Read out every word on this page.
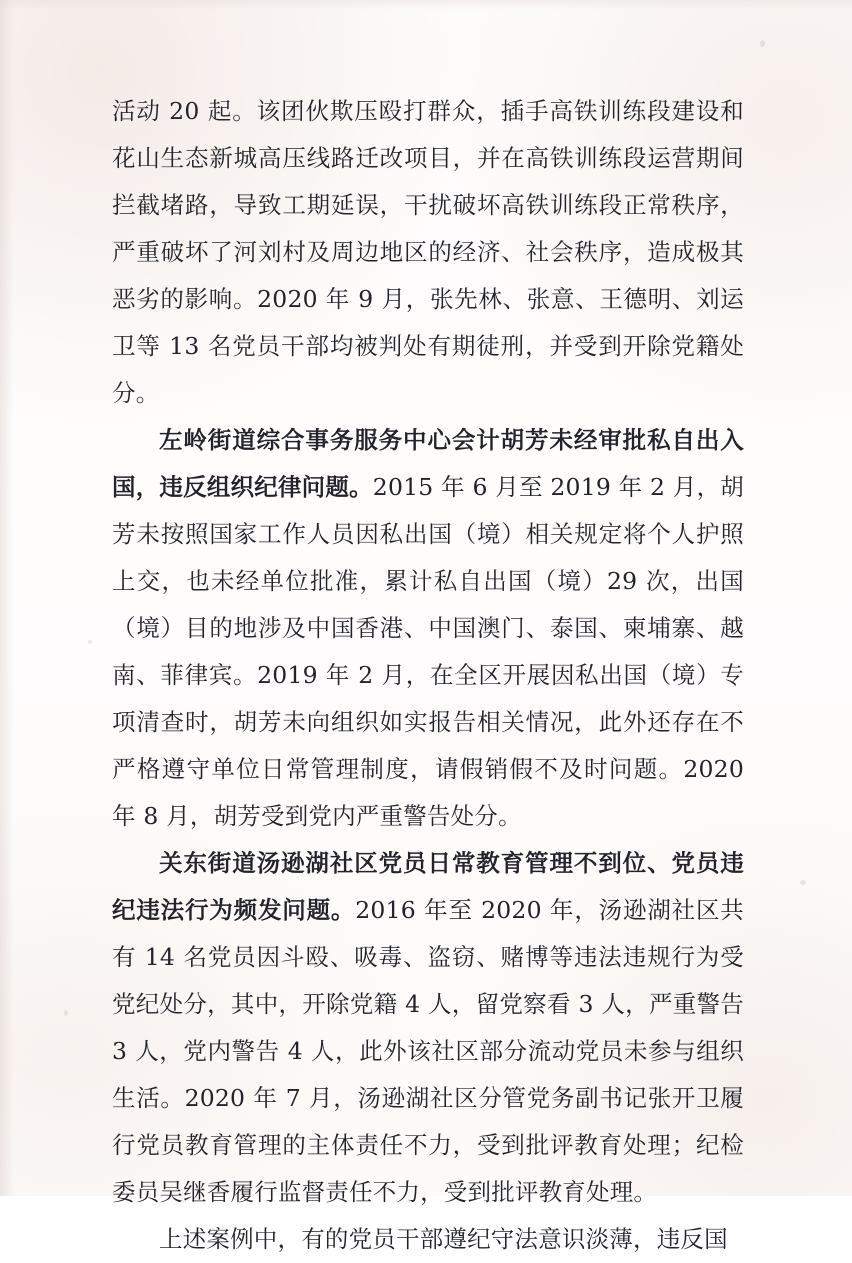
活动 20 起。该团伙欺压殴打群众，插手高铁训练段建设和花山生态新城高压线路迁改项目，并在高铁训练段运营期间拦截堵路，导致工期延误，干扰破坏高铁训练段正常秩序，严重破坏了河刘村及周边地区的经济、社会秩序，造成极其恶劣的影响。2020 年 9 月，张先林、张意、王德明、刘运卫等 13 名党员干部均被判处有期徒刑，并受到开除党籍处分。

左岭街道综合事务服务中心会计胡芳未经审批私自出入国，违反组织纪律问题。2015 年 6 月至 2019 年 2 月，胡芳未按照国家工作人员因私出国（境）相关规定将个人护照上交，也未经单位批准，累计私自出国（境）29 次，出国（境）目的地涉及中国香港、中国澳门、泰国、柬埔寨、越南、菲律宾。2019 年 2 月，在全区开展因私出国（境）专项清查时，胡芳未向组织如实报告相关情况，此外还存在不严格遵守单位日常管理制度，请假销假不及时问题。2020 年 8 月，胡芳受到党内严重警告处分。

关东街道汤逊湖社区党员日常教育管理不到位、党员违纪违法行为频发问题。2016 年至 2020 年，汤逊湖社区共有 14 名党员因斗殴、吸毒、盗窃、赌博等违法违规行为受党纪处分，其中，开除党籍 4 人，留党察看 3 人，严重警告 3 人，党内警告 4 人，此外该社区部分流动党员未参与组织生活。2020 年 7 月，汤逊湖社区分管党务副书记张开卫履行党员教育管理的主体责任不力，受到批评教育处理；纪检委员吴继香履行监督责任不力，受到批评教育处理。

上述案例中，有的党员干部遵纪守法意识淡薄，违反国
